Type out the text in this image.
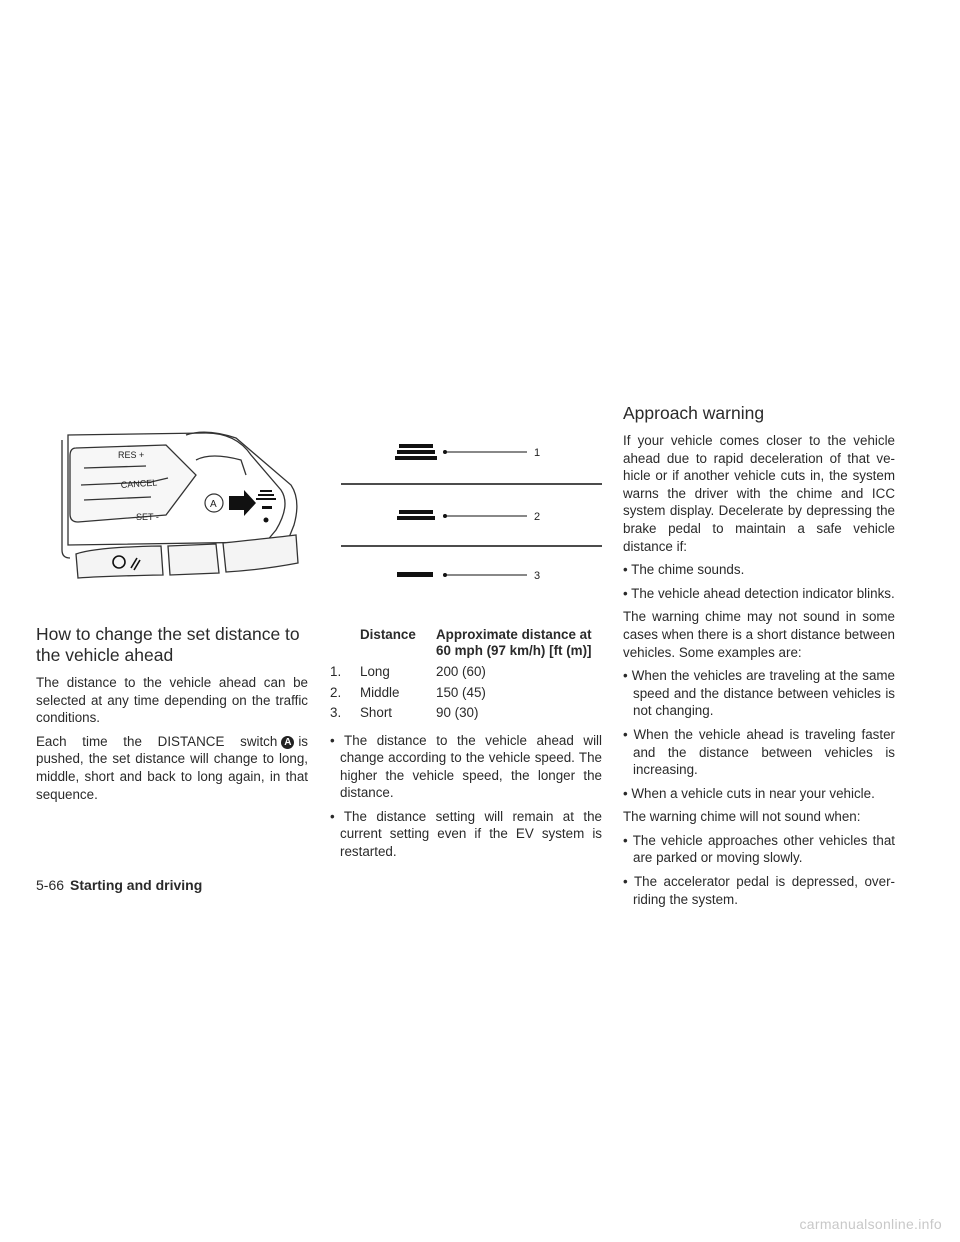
RES +
CANCEL
SET -
A
How to change the set distance to the vehicle ahead

The distance to the vehicle ahead can be selected at any time depending on the traffic conditions.

Each time the DISTANCE switch A is pushed, the set distance will change to long, middle, short and back to long again, in that sequence.

1
2
3
	Distance	Approximate distance at 60 mph (97 km/h) [ft (m)]
1.	Long	200 (60)
2.	Middle	150 (45)
3.	Short	90 (30)
• The distance to the vehicle ahead will change according to the vehicle speed. The higher the vehicle speed, the longer the distance.
• The distance setting will remain at the current setting even if the EV system is restarted.
Approach warning

If your vehicle comes closer to the vehicle ahead due to rapid deceleration of that vehicle or if another vehicle cuts in, the system warns the driver with the chime and ICC system display. Decelerate by depressing the brake pedal to maintain a safe vehicle distance if:

• The chime sounds.
• The vehicle ahead detection indicator blinks.

The warning chime may not sound in some cases when there is a short distance between vehicles. Some examples are:

• When the vehicles are traveling at the same speed and the distance between vehicles is not changing.
• When the vehicle ahead is traveling faster and the distance between vehicles is increasing.
• When a vehicle cuts in near your vehicle.

The warning chime will not sound when:

• The vehicle approaches other vehicles that are parked or moving slowly.
• The accelerator pedal is depressed, overriding the system.
5-66 Starting and driving
carmanualsonline.info
